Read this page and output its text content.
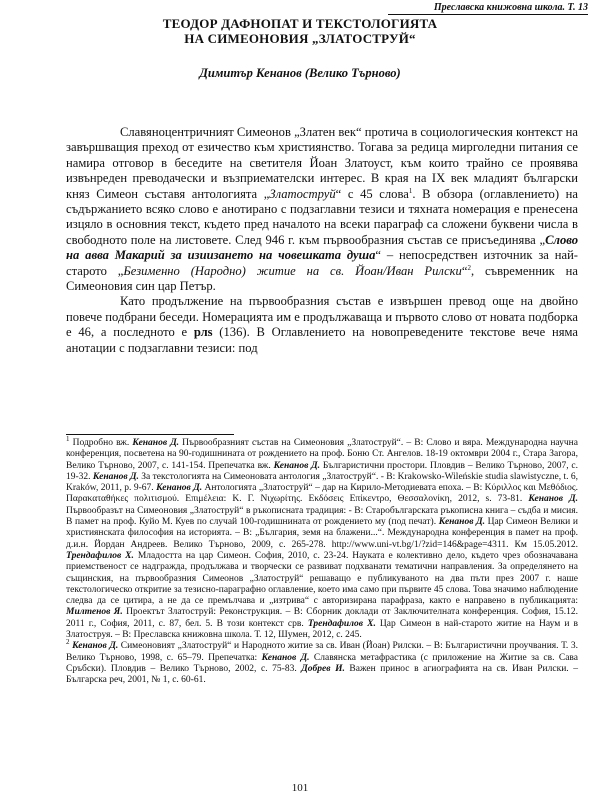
Преславска книжовна школа. Т. 13
ТЕОДОР ДАФНОПАТ И ТЕКСТОЛОГИЯТА
НА СИМЕОНОВИЯ „ЗЛАТОСТРУЙ“
Димитър Кенанов (Велико Търново)

Славяноцентричният Симеонов „Златен век“ протича в социологическия контекст на завършващия преход от езичество към християнство. Тогава за редица мирголедни питания се намира отговор в беседите на светителя Йоан Златоуст, към които трайно се проявява извънреден преводачески и възприемателски интерес. В края на IX век младият български княз Симеон съставя антологията „Златоструй“ с 45 слова$^1$. В обзора (оглавлението) на съдържанието всяко слово е анотирано с подзаглавни тезиси и тяхната номерация е пренесена изцяло в основния текст, където пред началото на всеки параграф са сложени буквени числа в свободното поле на листовете. След 946 г. към първообразния състав се присъединява „Слово на авва Макарий за изиизането на човешката душа“ – непосредствен източник за най-старото „Безименно (Народно) житие на св. Йоан/Иван Рилски“$^2$, съвременник на Симеоновия син цар Петър.

Като продължение на първообразния състав е извършен превод още на двойно повече подбрани беседи. Номерацията им е продължаваща и първото слово от новата подборка е 46, а последното е рлѕ (136). В Оглавлението на новопреведените текстове вече няма анотации с подзаглавни тезиси: под

$^1$ Подробно вж. Кенанов Д. Първообразният състав на Симеоновия „Златоструй“. – В: Слово и вяра. Международна научна конференция, посветена на 90-годишнината от рождението на проф. Боню Ст. Ангелов. 18-19 октомври 2004 г., Стара Загора, Велико Търново, 2007, с. 141-154. Препечатка вж. Кенанов Д. Българистични простори. Пловдив – Велико Търново, 2007, с. 19-32. Кенанов Д. За текстологията на Симеоновата антология „Златоструй“. - В: Krakowsko-Wileńskie studia slawistyczne, t. 6, Kraków, 2011, p. 9-67. Кенанов Д. Антологията „Златоструй“ – дар на Кирило-Методиевата епоха. – В: Κύριλλος και Μεθόδιος. Παρακαταθήκες πολιτισμού. Επιμέλεια: Κ. Γ. Νιχωρίτης. Εκδόσεις Επίκεντρο, Θεσσαλονίκη, 2012, s. 73-81. Кенанов Д. Първообразът на Симеоновия „Златоструй“ в ръкописната традиция: - В: Старобългарската ръкописна книга – съдба и мисия. В памет на проф. Куйо М. Куев по случай 100-годишнината от рождението му (под печат). Кенанов Д. Цар Симеон Велики и християнската философия на историята. – В: „България, земя на блажени...“. Международна конференция в памет на проф. д.и.н. Йордан Андреев. Велико Търново, 2009, с. 265-278. http://www.uni-vt.bg/1/?zid=146&page=4311. Км 15.05.2012. Трендафилов Х. Младостта на цар Симеон. София, 2010, с. 23-24. Науката е колективно дело, където чрез обозначавана приемственост се надгражда, продължава и творчески се развиват подхванати тематични направления. За определянето на същинския, на първообразния Симеонов „Златоструй“ решаващо е публикуваното на два пъти през 2007 г. наше текстологическо откритие за тезисно-параграфно оглавление, което има само при първите 45 слова. Това значимо наблюдение следва да се цитира, а не да се премълчава и „изтрива“ с авторизирана парафраза, както е направено в публикацията: Милтенов Я. Проектът Златоструй: Реконструкция. – В: Сборник доклади от Заключителната конференция. София, 15.12. 2011 г., София, 2011, с. 87, бел. 5. В този контекст срв. Трендафилов Х. Цар Симеон в най-старото житие на Наум и в Златоструя. – В: Преславска книжовна школа. Т. 12, Шумен, 2012, с. 245.

$^2$ Кенанов Д. Симеоновият „Златоструй“ и Народното житие за св. Иван (Йоан) Рилски. – В: Българистични проучвания. Т. 3. Велико Търново, 1998, с. 65–79. Препечатка: Кенанов Д. Славянска метафрастика (с приложение на Житие за св. Сава Сръбски). Пловдив – Велико Търново, 2002, с. 75-83. Добрев И. Важен принос в агиографията на св. Иван Рилски. – Българска реч, 2001, № 1, с. 60-61.

101
